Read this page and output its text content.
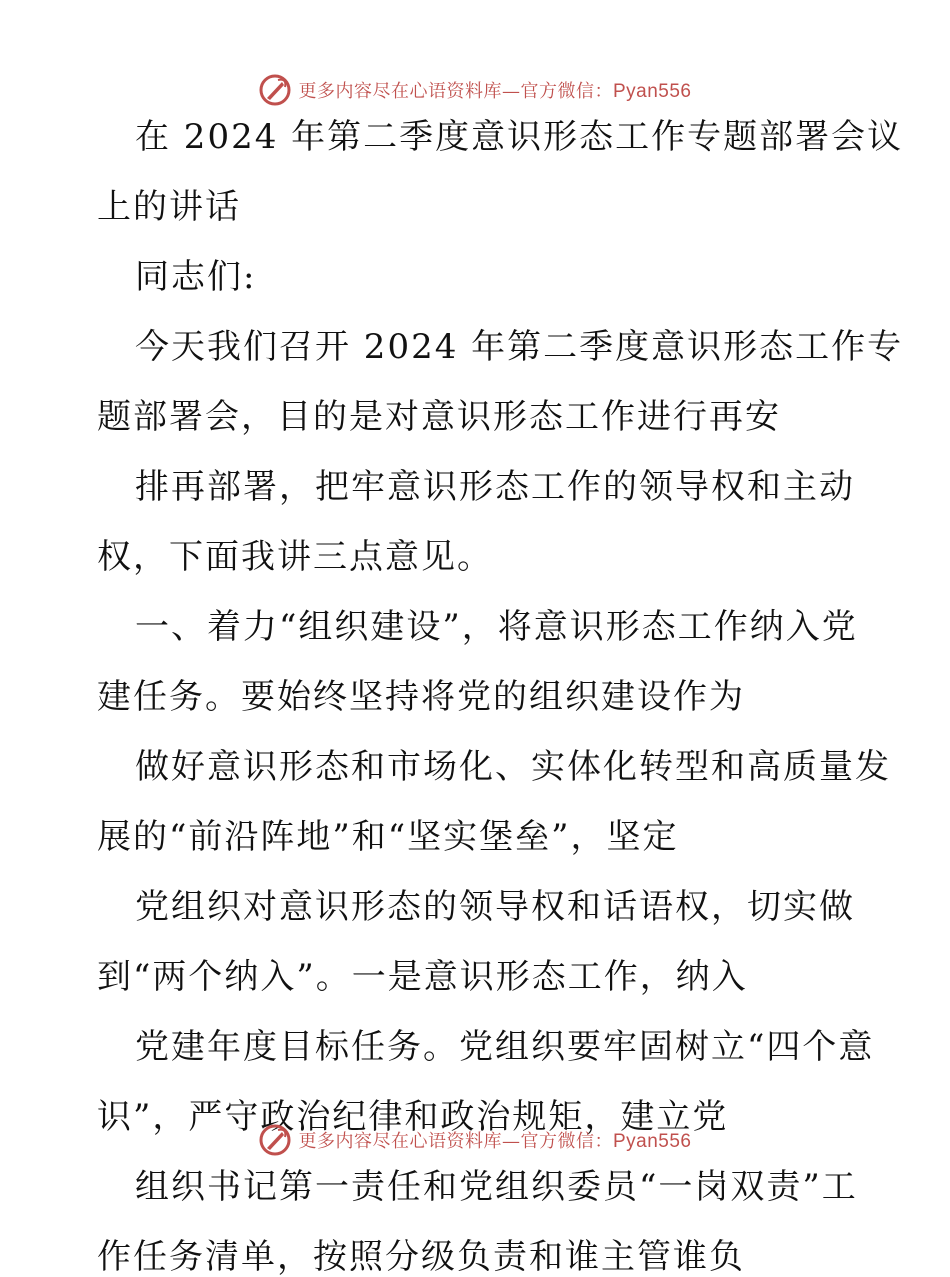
更多内容尽在心语资料库—官方微信：Pyan556
在 2024 年第二季度意识形态工作专题部署会议
上的讲话
同志们:
今天我们召开 2024 年第二季度意识形态工作专
题部署会，目的是对意识形态工作进行再安
排再部署，把牢意识形态工作的领导权和主动
权，下面我讲三点意见。
一、着力“组织建设”，将意识形态工作纳入党
建任务。要始终坚持将党的组织建设作为
做好意识形态和市场化、实体化转型和高质量发
展的“前沿阵地”和“坚实堡垒”，坚定
党组织对意识形态的领导权和话语权，切实做
到“两个纳入”。一是意识形态工作，纳入
党建年度目标任务。党组织要牢固树立“四个意
识”，严守政治纪律和政治规矩，建立党
组织书记第一责任和党组织委员“一岗双责”工
作任务清单，按照分级负责和谁主管谁负
更多内容尽在心语资料库—官方微信：Pyan556
